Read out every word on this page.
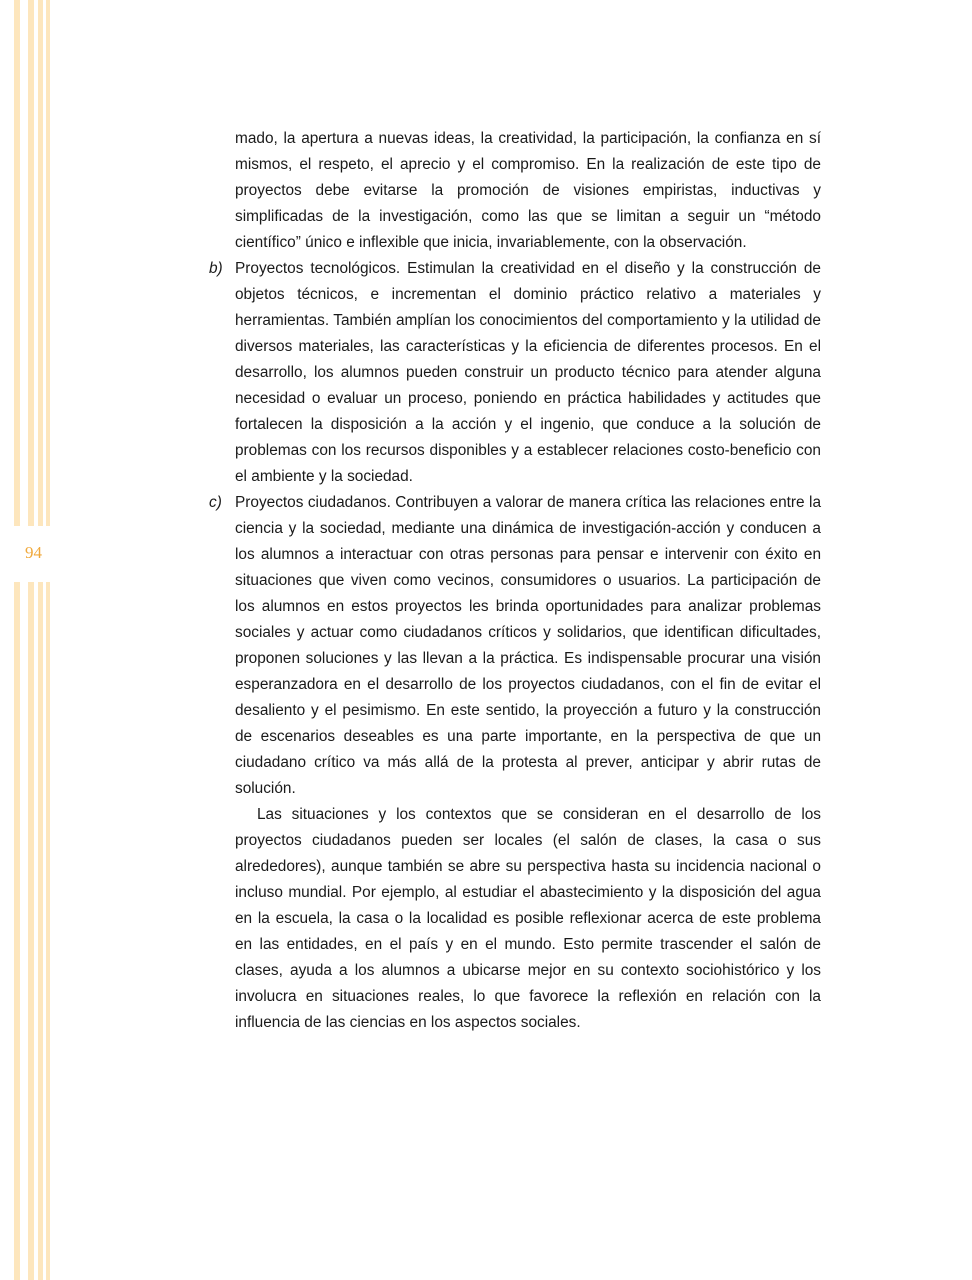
94

mado, la apertura a nuevas ideas, la creatividad, la participación, la confianza en sí mismos, el respeto, el aprecio y el compromiso. En la realización de este tipo de proyectos debe evitarse la promoción de visiones empiristas, inductivas y simplificadas de la investigación, como las que se limitan a seguir un “método científico” único e inflexible que inicia, invariablemente, con la observación.

b) Proyectos tecnológicos. Estimulan la creatividad en el diseño y la construcción de objetos técnicos, e incrementan el dominio práctico relativo a materiales y herramientas. También amplían los conocimientos del comportamiento y la utilidad de diversos materiales, las características y la eficiencia de diferentes procesos. En el desarrollo, los alumnos pueden construir un producto técnico para atender alguna necesidad o evaluar un proceso, poniendo en práctica habilidades y actitudes que fortalecen la disposición a la acción y el ingenio, que conduce a la solución de problemas con los recursos disponibles y a establecer relaciones costo-beneficio con el ambiente y la sociedad.

c) Proyectos ciudadanos. Contribuyen a valorar de manera crítica las relaciones entre la ciencia y la sociedad, mediante una dinámica de investigación-acción y conducen a los alumnos a interactuar con otras personas para pensar e intervenir con éxito en situaciones que viven como vecinos, consumidores o usuarios. La participación de los alumnos en estos proyectos les brinda oportunidades para analizar problemas sociales y actuar como ciudadanos críticos y solidarios, que identifican dificultades, proponen soluciones y las llevan a la práctica. Es indispensable procurar una visión esperanzadora en el desarrollo de los proyectos ciudadanos, con el fin de evitar el desaliento y el pesimismo. En este sentido, la proyección a futuro y la construcción de escenarios deseables es una parte importante, en la perspectiva de que un ciudadano crítico va más allá de la protesta al prever, anticipar y abrir rutas de solución.

Las situaciones y los contextos que se consideran en el desarrollo de los proyectos ciudadanos pueden ser locales (el salón de clases, la casa o sus alrededores), aunque también se abre su perspectiva hasta su incidencia nacional o incluso mundial. Por ejemplo, al estudiar el abastecimiento y la disposición del agua en la escuela, la casa o la localidad es posible reflexionar acerca de este problema en las entidades, en el país y en el mundo. Esto permite trascender el salón de clases, ayuda a los alumnos a ubicarse mejor en su contexto sociohistórico y los involucra en situaciones reales, lo que favorece la reflexión en relación con la influencia de las ciencias en los aspectos sociales.
